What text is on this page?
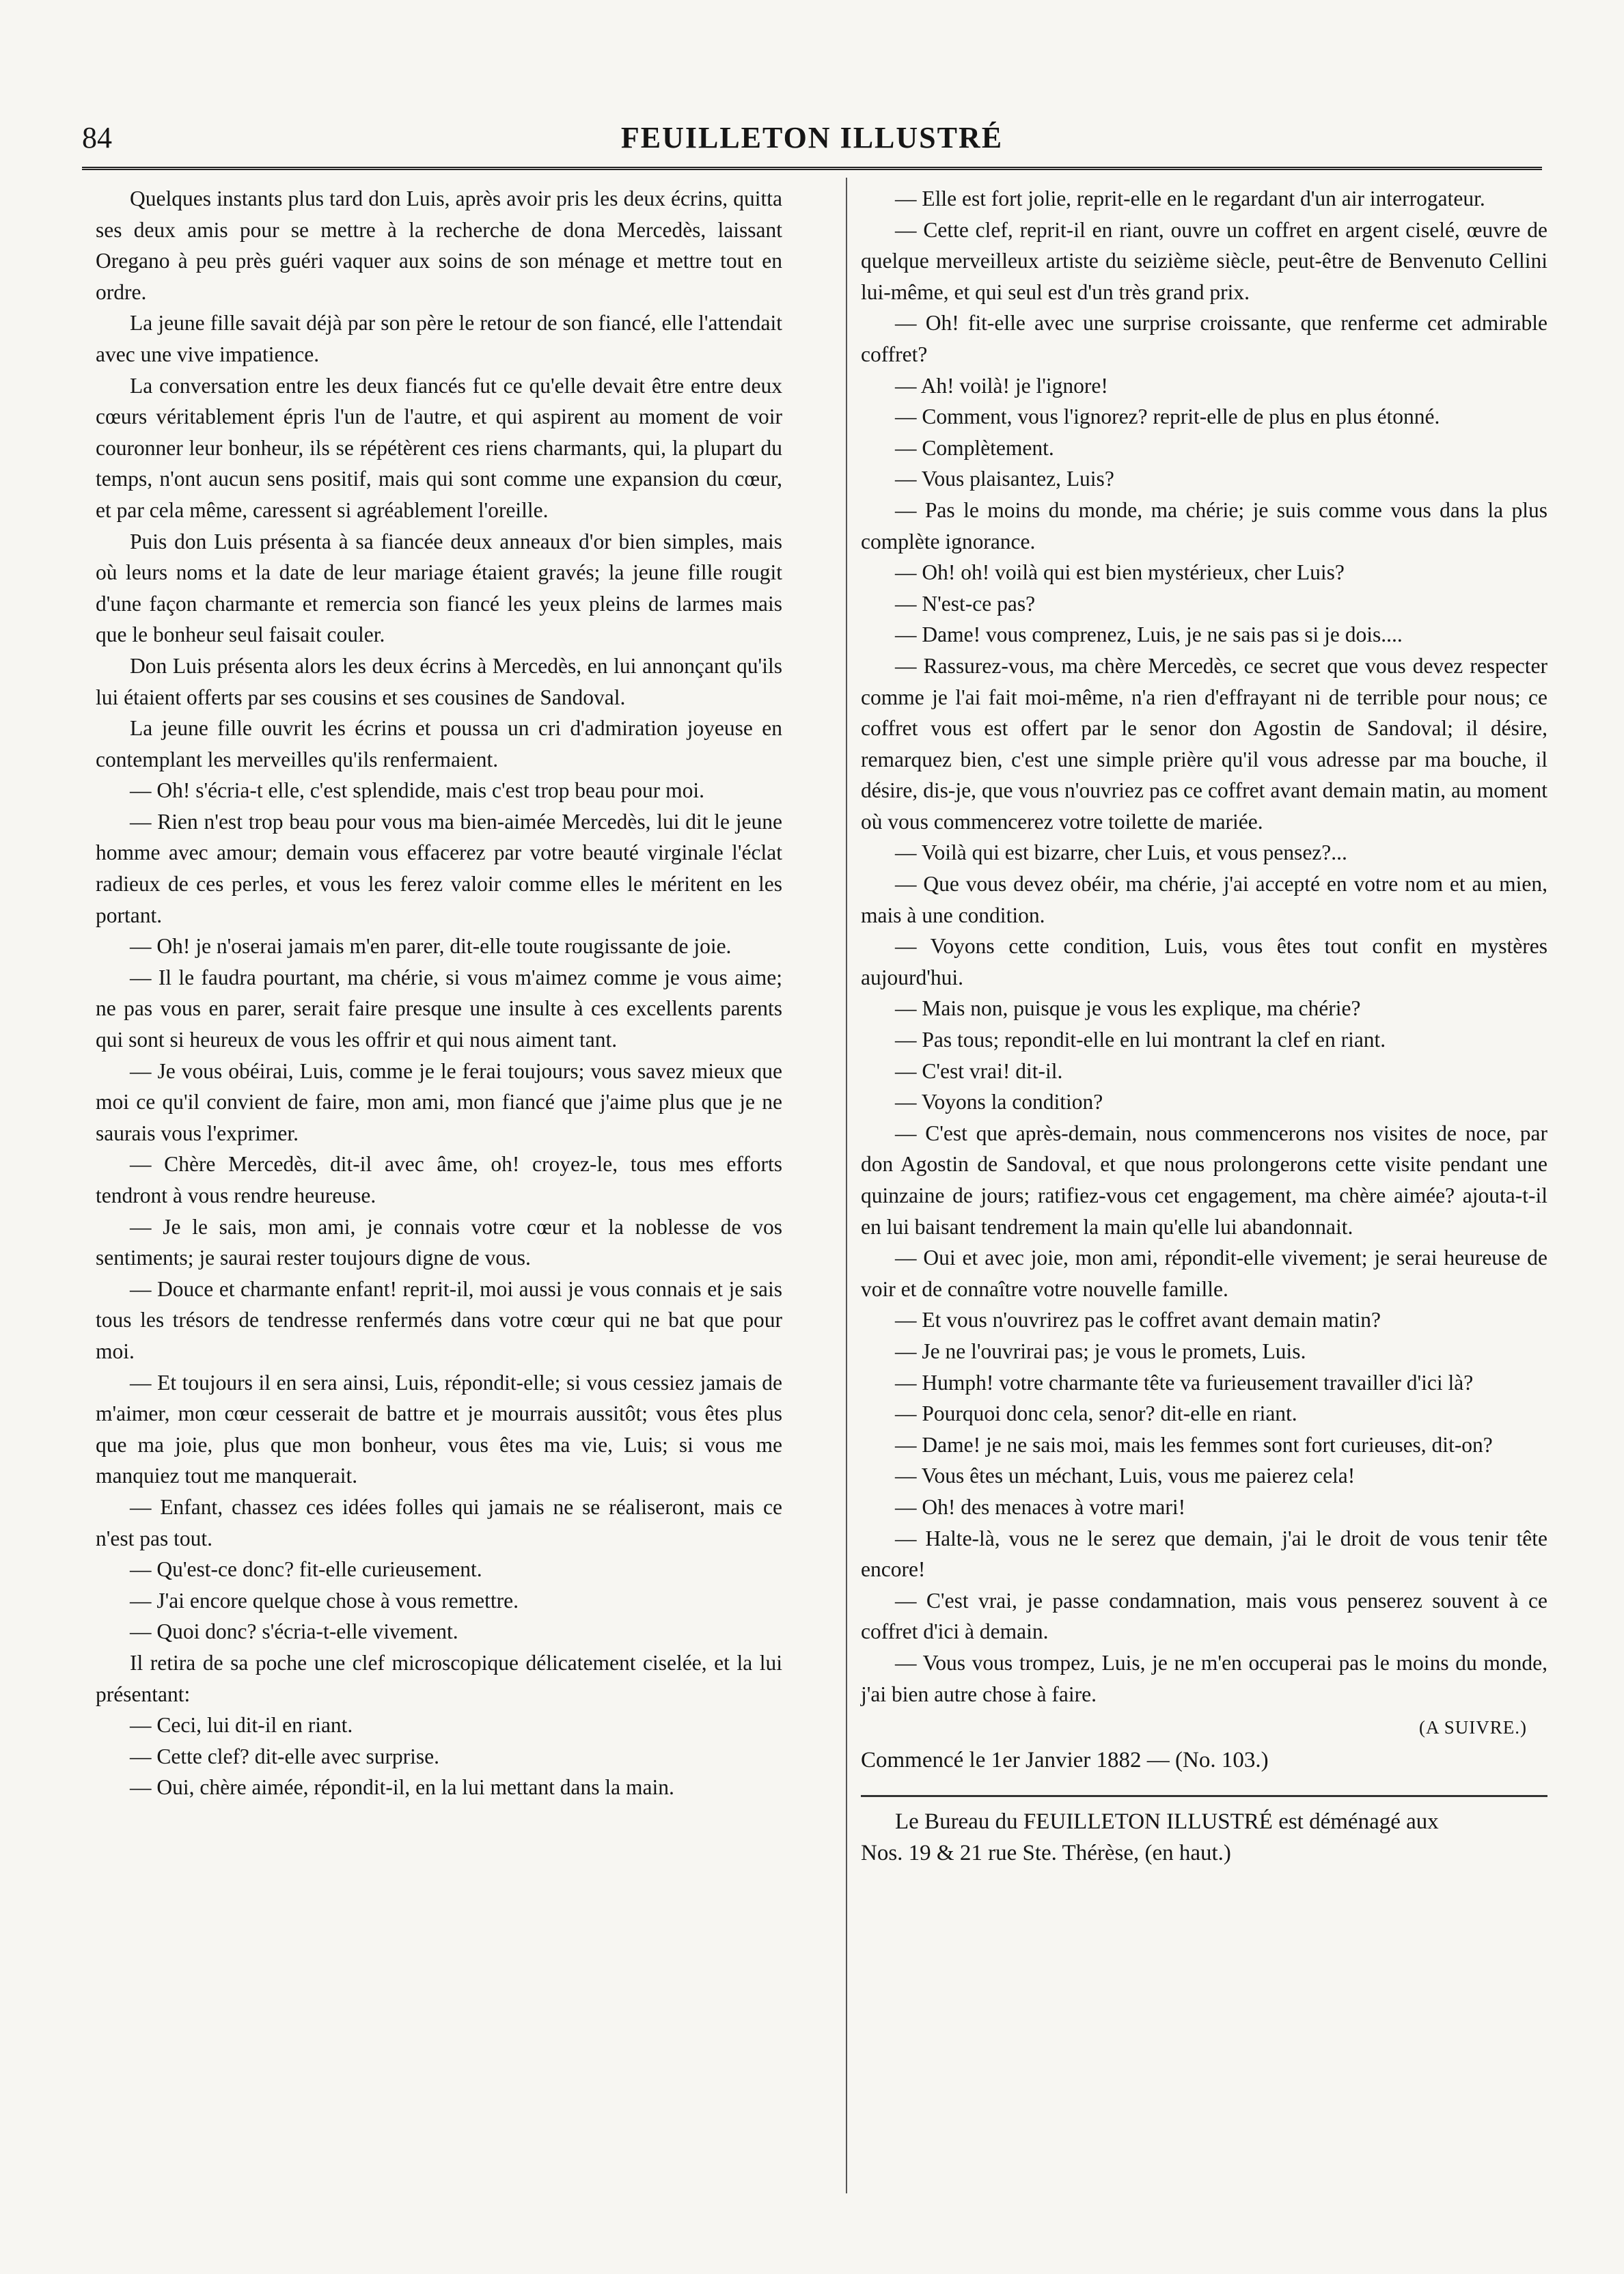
84	FEUILLETON ILLUSTRÉ

Quelques instants plus tard don Luis, après avoir pris les deux écrins, quitta ses deux amis pour se mettre à la recherche de dona Mercedès, laissant Oregano à peu près guéri vaquer aux soins de son ménage et mettre tout en ordre.

La jeune fille savait déjà par son père le retour de son fiancé, elle l'attendait avec une vive impatience.

La conversation entre les deux fiancés fut ce qu'elle devait être entre deux cœurs véritablement épris l'un de l'autre, et qui aspirent au moment de voir couronner leur bonheur, ils se répétèrent ces riens charmants, qui, la plupart du temps, n'ont aucun sens positif, mais qui sont comme une expansion du cœur, et par cela même, caressent si agréablement l'oreille.

Puis don Luis présenta à sa fiancée deux anneaux d'or bien simples, mais où leurs noms et la date de leur mariage étaient gravés; la jeune fille rougit d'une façon charmante et remercia son fiancé les yeux pleins de larmes mais que le bonheur seul faisait couler.

Don Luis présenta alors les deux écrins à Mercedès, en lui annonçant qu'ils lui étaient offerts par ses cousins et ses cousines de Sandoval.

La jeune fille ouvrit les écrins et poussa un cri d'admiration joyeuse en contemplant les merveilles qu'ils renfermaient.

— Oh! s'écria-t elle, c'est splendide, mais c'est trop beau pour moi.

— Rien n'est trop beau pour vous ma bien-aimée Mercedès, lui dit le jeune homme avec amour; demain vous effacerez par votre beauté virginale l'éclat radieux de ces perles, et vous les ferez valoir comme elles le méritent en les portant.

— Oh! je n'oserai jamais m'en parer, dit-elle toute rougissante de joie.

— Il le faudra pourtant, ma chérie, si vous m'aimez comme je vous aime; ne pas vous en parer, serait faire presque une insulte à ces excellents parents qui sont si heureux de vous les offrir et qui nous aiment tant.

— Je vous obéirai, Luis, comme je le ferai toujours; vous savez mieux que moi ce qu'il convient de faire, mon ami, mon fiancé que j'aime plus que je ne saurais vous l'exprimer.

— Chère Mercedès, dit-il avec âme, oh! croyez-le, tous mes efforts tendront à vous rendre heureuse.

— Je le sais, mon ami, je connais votre cœur et la noblesse de vos sentiments; je saurai rester toujours digne de vous.

— Douce et charmante enfant! reprit-il, moi aussi je vous connais et je sais tous les trésors de tendresse renfermés dans votre cœur qui ne bat que pour moi.

— Et toujours il en sera ainsi, Luis, répondit-elle; si vous cessiez jamais de m'aimer, mon cœur cesserait de battre et je mourrais aussitôt; vous êtes plus que ma joie, plus que mon bonheur, vous êtes ma vie, Luis; si vous me manquiez tout me manquerait.

— Enfant, chassez ces idées folles qui jamais ne se réaliseront, mais ce n'est pas tout.

— Qu'est-ce donc? fit-elle curieusement.

— J'ai encore quelque chose à vous remettre.

— Quoi donc? s'écria-t-elle vivement.

Il retira de sa poche une clef microscopique délicatement ciselée, et la lui présentant:

— Ceci, lui dit-il en riant.

— Cette clef? dit-elle avec surprise.

— Oui, chère aimée, répondit-il, en la lui mettant dans la main.

— Elle est fort jolie, reprit-elle en le regardant d'un air interrogateur.

— Cette clef, reprit-il en riant, ouvre un coffret en argent ciselé, œuvre de quelque merveilleux artiste du seizième siècle, peut-être de Benvenuto Cellini lui-même, et qui seul est d'un très grand prix.

— Oh! fit-elle avec une surprise croissante, que renferme cet admirable coffret?

— Ah! voilà! je l'ignore!

— Comment, vous l'ignorez? reprit-elle de plus en plus étonné.

— Complètement.

— Vous plaisantez, Luis?

— Pas le moins du monde, ma chérie; je suis comme vous dans la plus complète ignorance.

— Oh! oh! voilà qui est bien mystérieux, cher Luis?

— N'est-ce pas?

— Dame! vous comprenez, Luis, je ne sais pas si je dois....

— Rassurez-vous, ma chère Mercedès, ce secret que vous devez respecter comme je l'ai fait moi-même, n'a rien d'effrayant ni de terrible pour nous; ce coffret vous est offert par le senor don Agostin de Sandoval; il désire, remarquez bien, c'est une simple prière qu'il vous adresse par ma bouche, il désire, dis-je, que vous n'ouvriez pas ce coffret avant demain matin, au moment où vous commencerez votre toilette de mariée.

— Voilà qui est bizarre, cher Luis, et vous pensez?...

— Que vous devez obéir, ma chérie, j'ai accepté en votre nom et au mien, mais à une condition.

— Voyons cette condition, Luis, vous êtes tout confit en mystères aujourd'hui.

— Mais non, puisque je vous les explique, ma chérie?

— Pas tous; repondit-elle en lui montrant la clef en riant.

— C'est vrai! dit-il.

— Voyons la condition?

— C'est que après-demain, nous commencerons nos visites de noce, par don Agostin de Sandoval, et que nous prolongerons cette visite pendant une quinzaine de jours; ratifiez-vous cet engagement, ma chère aimée? ajouta-t-il en lui baisant tendrement la main qu'elle lui abandonnait.

— Oui et avec joie, mon ami, répondit-elle vivement; je serai heureuse de voir et de connaître votre nouvelle famille.

— Et vous n'ouvrirez pas le coffret avant demain matin?

— Je ne l'ouvrirai pas; je vous le promets, Luis.

— Humph! votre charmante tête va furieusement travailler d'ici là?

— Pourquoi donc cela, senor? dit-elle en riant.

— Dame! je ne sais moi, mais les femmes sont fort curieuses, dit-on?

— Vous êtes un méchant, Luis, vous me paierez cela!

— Oh! des menaces à votre mari!

— Halte-là, vous ne le serez que demain, j'ai le droit de vous tenir tête encore!

— C'est vrai, je passe condamnation, mais vous penserez souvent à ce coffret d'ici à demain.

— Vous vous trompez, Luis, je ne m'en occuperai pas le moins du monde, j'ai bien autre chose à faire.

(A SUIVRE.)
Commencé le 1er Janvier 1882 — (No. 103.)

Le Bureau du FEUILLETON ILLUSTRÉ est déménagé aux

Nos. 19 & 21 rue Ste. Thérèse, (en haut.)
